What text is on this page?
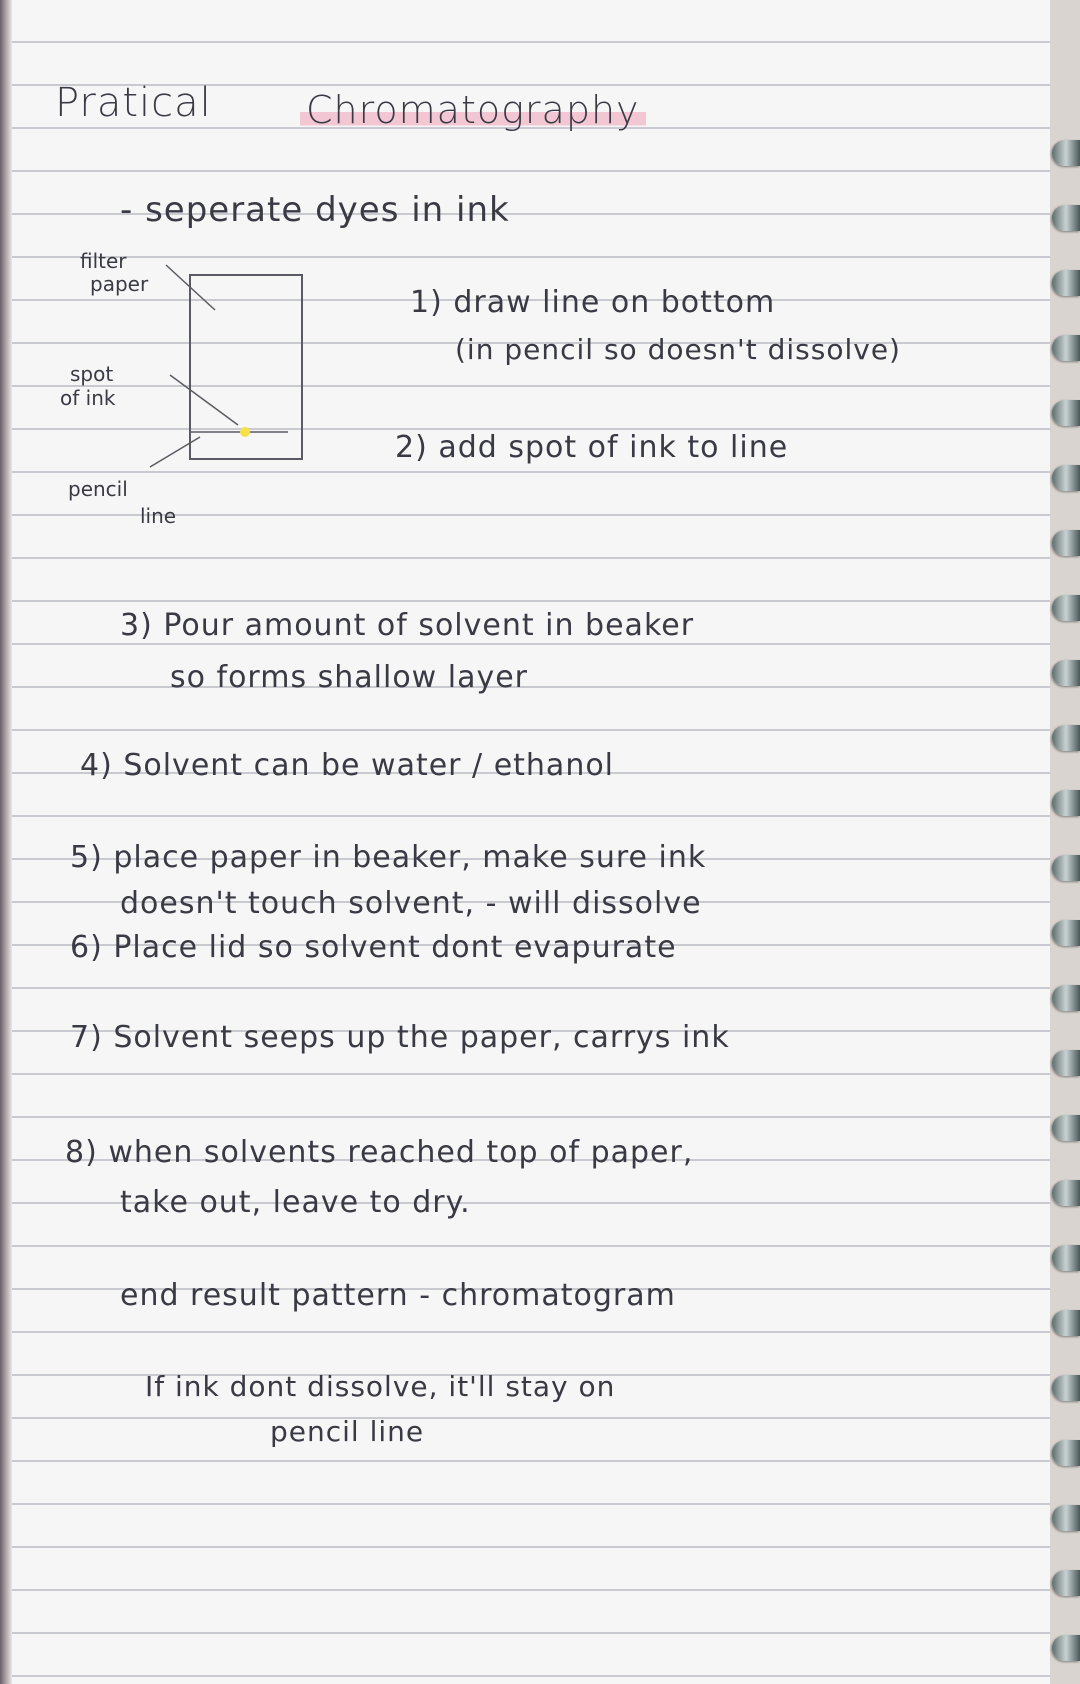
Pratical Chromatography
- seperate dyes in ink
filter
paper
spot
of ink
pencil
line
1) draw line on bottom
(in pencil so doesn't dissolve)
2) add spot of ink to line
3) Pour amount of solvent in beaker
so forms shallow layer
4) Solvent can be water / ethanol
5) place paper in beaker, make sure ink
doesn't touch solvent, - will dissolve
6) Place lid so solvent dont evapurate
7) Solvent seeps up the paper, carrys ink
8) when solvents reached top of paper,
take out, leave to dry.
end result pattern - chromatogram
If ink dont dissolve, it'll stay on
pencil line
